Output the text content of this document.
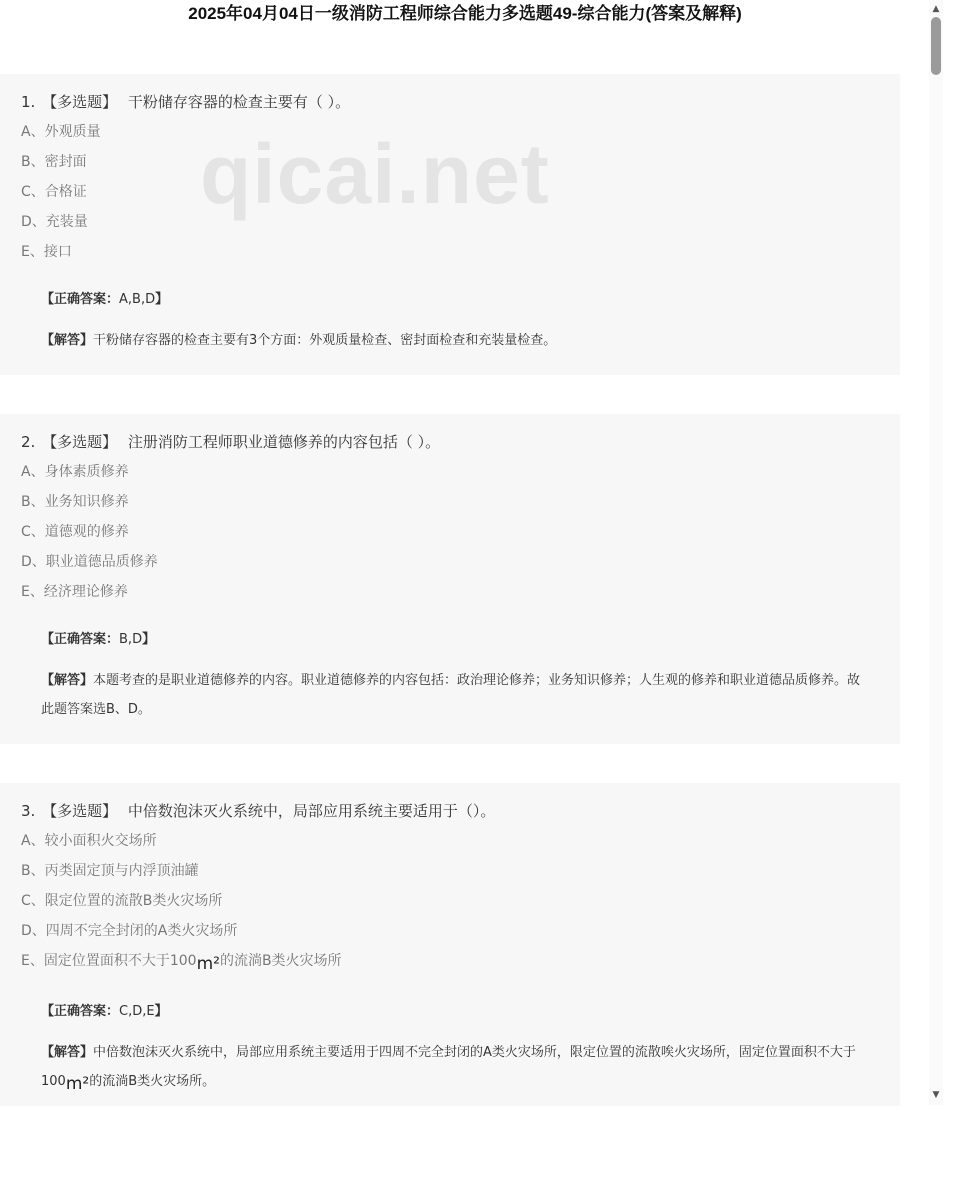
2025年04月04日一级消防工程师综合能力多选题49-综合能力(答案及解释)
1. 【多选题】 干粉储存容器的检查主要有（ ）。
A、外观质量
B、密封面
C、合格证
D、充装量
E、接口
【正确答案：A,B,D】
【解答】干粉储存容器的检查主要有3个方面：外观质量检查、密封面检查和充装量检查。
2. 【多选题】 注册消防工程师职业道德修养的内容包括（ ）。
A、身体素质修养
B、业务知识修养
C、道德观的修养
D、职业道德品质修养
E、经济理论修养
【正确答案：B,D】
【解答】本题考查的是职业道德修养的内容。职业道德修养的内容包括：政治理论修养；业务知识修养；人生观的修养和职业道德品质修养。故此题答案选B、D。
3. 【多选题】 中倍数泡沫灭火系统中，局部应用系统主要适用于（）。
A、较小面积火交场所
B、丙类固定顶与内浮顶油罐
C、限定位置的流散B类火灾场所
D、四周不完全封闭的A类火灾场所
E、固定位置面积不大于100m²的流淌B类火灾场所
【正确答案：C,D,E】
【解答】中倍数泡沫灭火系统中，局部应用系统主要适用于四周不完全封闭的A类火灾场所，限定位置的流散唉火灾场所，固定位置面积不大于100m²的流淌B类火灾场所。
qicai.net
▲
▼
